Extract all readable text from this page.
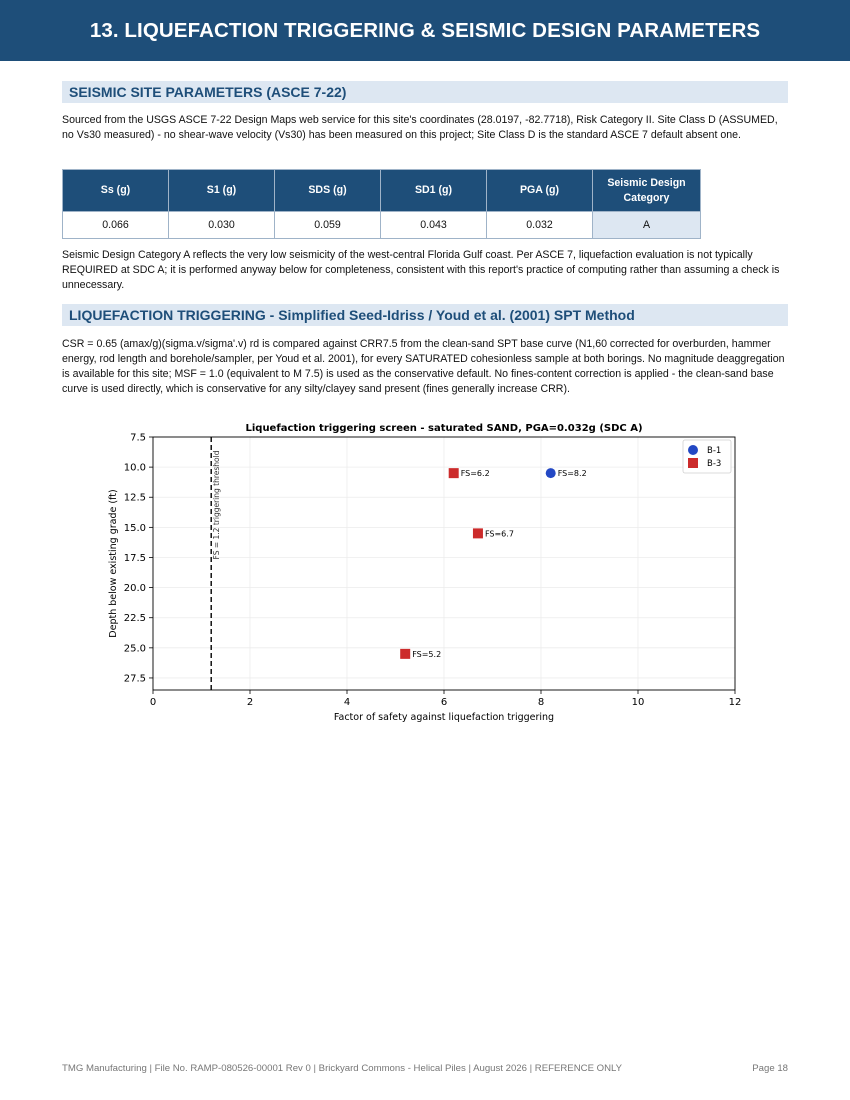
13. LIQUEFACTION TRIGGERING & SEISMIC DESIGN PARAMETERS
SEISMIC SITE PARAMETERS (ASCE 7-22)
Sourced from the USGS ASCE 7-22 Design Maps web service for this site's coordinates (28.0197, -82.7718), Risk Category II. Site Class D (ASSUMED, no Vs30 measured) - no shear-wave velocity (Vs30) has been measured on this project; Site Class D is the standard ASCE 7 default absent one.
Ss (g)	S1 (g)	SDS (g)	SD1 (g)	PGA (g)	Seismic Design Category
0.066	0.030	0.059	0.043	0.032	A
Seismic Design Category A reflects the very low seismicity of the west-central Florida Gulf coast. Per ASCE 7, liquefaction evaluation is not typically REQUIRED at SDC A; it is performed anyway below for completeness, consistent with this report's practice of computing rather than assuming a check is unnecessary.
LIQUEFACTION TRIGGERING - Simplified Seed-Idriss / Youd et al. (2001) SPT Method
CSR = 0.65 (amax/g)(sigma.v/sigma'.v) rd is compared against CRR7.5 from the clean-sand SPT base curve (N1,60 corrected for overburden, hammer energy, rod length and borehole/sampler, per Youd et al. 2001), for every SATURATED cohesionless sample at both borings. No magnitude deaggregation is available for this site; MSF = 1.0 (equivalent to M 7.5) is used as the conservative default. No fines-content correction is applied - the clean-sand base curve is used directly, which is conservative for any silty/clayey sand present (fines generally increase CRR).
0	2	4	6	8	10	12
7.5
10.0
12.5
15.0
17.5
20.0
22.5
25.0
27.5
Liquefaction triggering screen - saturated SAND, PGA=0.032g (SDC A)
Factor of safety against liquefaction triggering
Depth below existing grade (ft)	FS = 1.2 triggering threshold	FS=8.2
FS=6.2
FS=6.7
FS=5.2
B-1
B-3
TMG Manufacturing | File No. RAMP-080526-00001 Rev 0 | Brickyard Commons - Helical Piles | August 2026 | REFERENCE ONLY	Page 18
